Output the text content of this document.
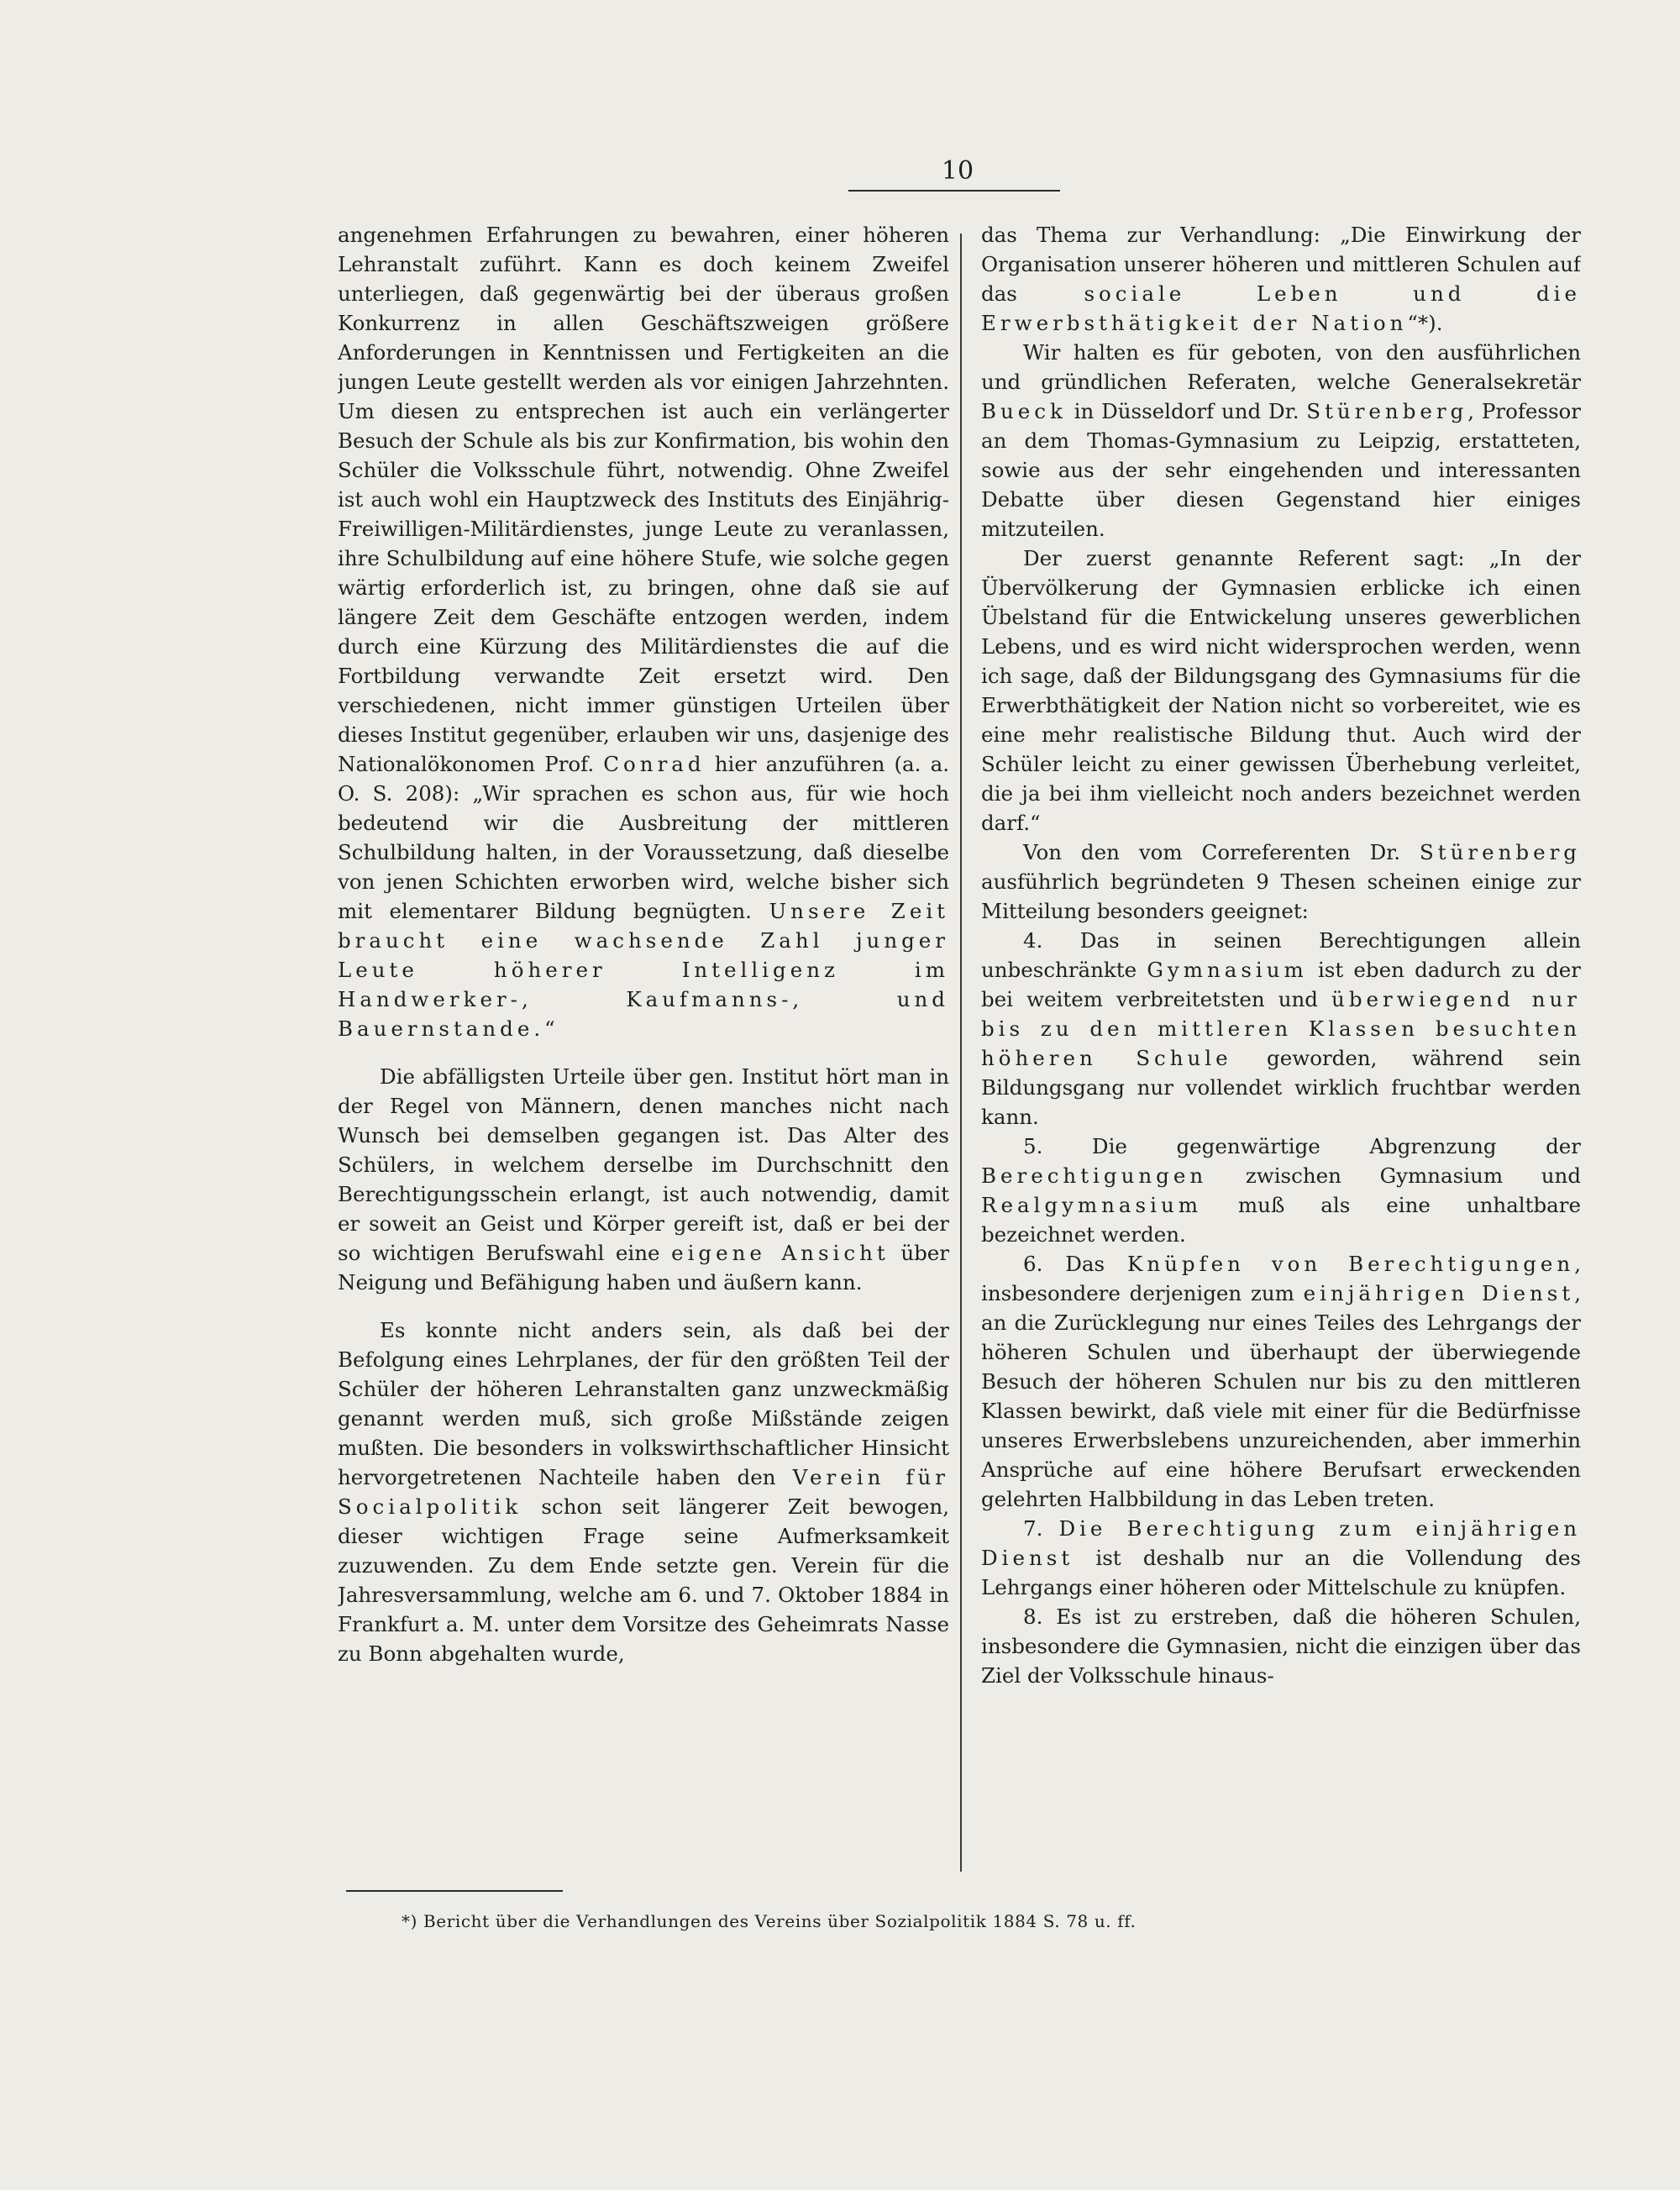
10

angenehmen Erfahrungen zu bewahren, einer höheren Lehranstalt zuführt. Kann es doch keinem Zweifel unterliegen, daß gegenwärtig bei der überaus großen Konkurrenz in allen Geschäftszweigen größere Anforderungen in Kenntnissen und Fertigkeiten an die jungen Leute gestellt werden als vor einigen Jahrzehnten. Um diesen zu entsprechen ist auch ein verlängerter Besuch der Schule als bis zur Konfirmation, bis wohin den Schüler die Volksschule führt, notwendig. Ohne Zweifel ist auch wohl ein Hauptzweck des Instituts des Einjährig-Freiwilligen-Militärdienstes, junge Leute zu veranlassen, ihre Schulbildung auf eine höhere Stufe, wie solche gegen wärtig erforderlich ist, zu bringen, ohne daß sie auf längere Zeit dem Geschäfte entzogen werden, indem durch eine Kürzung des Militärdienstes die auf die Fortbildung verwandte Zeit ersetzt wird. Den verschiedenen, nicht immer günstigen Urteilen über dieses Institut gegenüber, erlauben wir uns, dasjenige des Nationalökonomen Prof. Conrad hier anzuführen (a. a. O. S. 208): „Wir sprachen es schon aus, für wie hoch bedeutend wir die Ausbreitung der mittleren Schulbildung halten, in der Voraussetzung, daß dieselbe von jenen Schichten erworben wird, welche bisher sich mit elementarer Bildung begnügten. Unsere Zeit braucht eine wachsende Zahl junger Leute höherer Intelligenz im Handwerker-, Kaufmanns-, und Bauernstande.“

Die abfälligsten Urteile über gen. Institut hört man in der Regel von Männern, denen manches nicht nach Wunsch bei demselben gegangen ist. Das Alter des Schülers, in welchem derselbe im Durchschnitt den Berechtigungsschein erlangt, ist auch notwendig, damit er soweit an Geist und Körper gereift ist, daß er bei der so wichtigen Berufswahl eine eigene Ansicht über Neigung und Befähigung haben und äußern kann.

Es konnte nicht anders sein, als daß bei der Befolgung eines Lehrplanes, der für den größten Teil der Schüler der höheren Lehranstalten ganz unzweckmäßig genannt werden muß, sich große Mißstände zeigen mußten. Die besonders in volkswirthschaftlicher Hinsicht hervorgetretenen Nachteile haben den Verein für Socialpolitik schon seit längerer Zeit bewogen, dieser wichtigen Frage seine Aufmerksamkeit zuzuwenden. Zu dem Ende setzte gen. Verein für die Jahresversammlung, welche am 6. und 7. Oktober 1884 in Frankfurt a. M. unter dem Vorsitze des Geheimrats Nasse zu Bonn abgehalten wurde,

das Thema zur Verhandlung: „Die Einwirkung der Organisation unserer höheren und mittleren Schulen auf das sociale Leben und die Erwerbsthätigkeit der Nation“*).

Wir halten es für geboten, von den ausführlichen und gründlichen Referaten, welche Generalsekretär Bueck in Düsseldorf und Dr. Stürenberg, Professor an dem Thomas-Gymnasium zu Leipzig, erstatteten, sowie aus der sehr eingehenden und interessanten Debatte über diesen Gegenstand hier einiges mitzuteilen.

Der zuerst genannte Referent sagt: „In der Übervölkerung der Gymnasien erblicke ich einen Übelstand für die Entwickelung unseres gewerblichen Lebens, und es wird nicht widersprochen werden, wenn ich sage, daß der Bildungsgang des Gymnasiums für die Erwerbthätigkeit der Nation nicht so vorbereitet, wie es eine mehr realistische Bildung thut. Auch wird der Schüler leicht zu einer gewissen Überhebung verleitet, die ja bei ihm vielleicht noch anders bezeichnet werden darf.“

Von den vom Correferenten Dr. Stürenberg ausführlich begründeten 9 Thesen scheinen einige zur Mitteilung besonders geeignet:

4. Das in seinen Berechtigungen allein unbeschränkte Gymnasium ist eben dadurch zu der bei weitem verbreitetsten und überwiegend nur bis zu den mittleren Klassen besuchten höheren Schule geworden, während sein Bildungsgang nur vollendet wirklich fruchtbar werden kann.

5. Die gegenwärtige Abgrenzung der Berechtigungen zwischen Gymnasium und Realgymnasium muß als eine unhaltbare bezeichnet werden.

6. Das Knüpfen von Berechtigungen, insbesondere derjenigen zum einjährigen Dienst, an die Zurücklegung nur eines Teiles des Lehrgangs der höheren Schulen und überhaupt der überwiegende Besuch der höheren Schulen nur bis zu den mittleren Klassen bewirkt, daß viele mit einer für die Bedürfnisse unseres Erwerbslebens unzureichenden, aber immerhin Ansprüche auf eine höhere Berufsart erweckenden gelehrten Halbbildung in das Leben treten.

7. Die Berechtigung zum einjährigen Dienst ist deshalb nur an die Vollendung des Lehrgangs einer höheren oder Mittelschule zu knüpfen.

8. Es ist zu erstreben, daß die höheren Schulen, insbesondere die Gymnasien, nicht die einzigen über das Ziel der Volksschule hinaus-

*) Bericht über die Verhandlungen des Vereins über Sozialpolitik 1884 S. 78 u. ff.
